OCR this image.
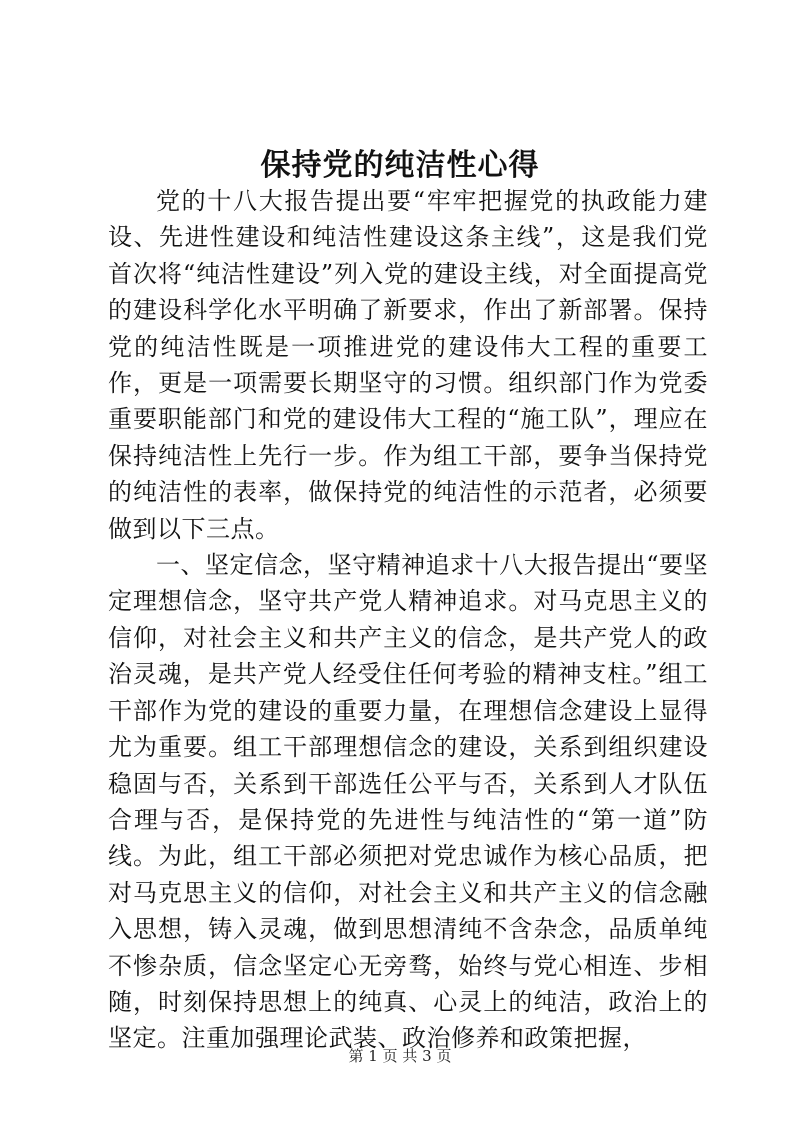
保持党的纯洁性心得

党的十八大报告提出要“牢牢把握党的执政能力建设、先进性建设和纯洁性建设这条主线”，这是我们党首次将“纯洁性建设”列入党的建设主线，对全面提高党的建设科学化水平明确了新要求，作出了新部署。保持党的纯洁性既是一项推进党的建设伟大工程的重要工作，更是一项需要长期坚守的习惯。组织部门作为党委重要职能部门和党的建设伟大工程的“施工队”，理应在保持纯洁性上先行一步。作为组工干部，要争当保持党的纯洁性的表率，做保持党的纯洁性的示范者，必须要做到以下三点。

一、坚定信念，坚守精神追求十八大报告提出“要坚定理想信念，坚守共产党人精神追求。对马克思主义的信仰，对社会主义和共产主义的信念，是共产党人的政治灵魂，是共产党人经受住任何考验的精神支柱。”组工干部作为党的建设的重要力量，在理想信念建设上显得尤为重要。组工干部理想信念的建设，关系到组织建设稳固与否，关系到干部选任公平与否，关系到人才队伍合理与否，是保持党的先进性与纯洁性的“第一道”防线。为此，组工干部必须把对党忠诚作为核心品质，把对马克思主义的信仰，对社会主义和共产主义的信念融入思想，铸入灵魂，做到思想清纯不含杂念，品质单纯不惨杂质，信念坚定心无旁骛，始终与党心相连、步相随，时刻保持思想上的纯真、心灵上的纯洁，政治上的坚定。注重加强理论武装、政治修养和政策把握，

第 1 页 共 3 页
